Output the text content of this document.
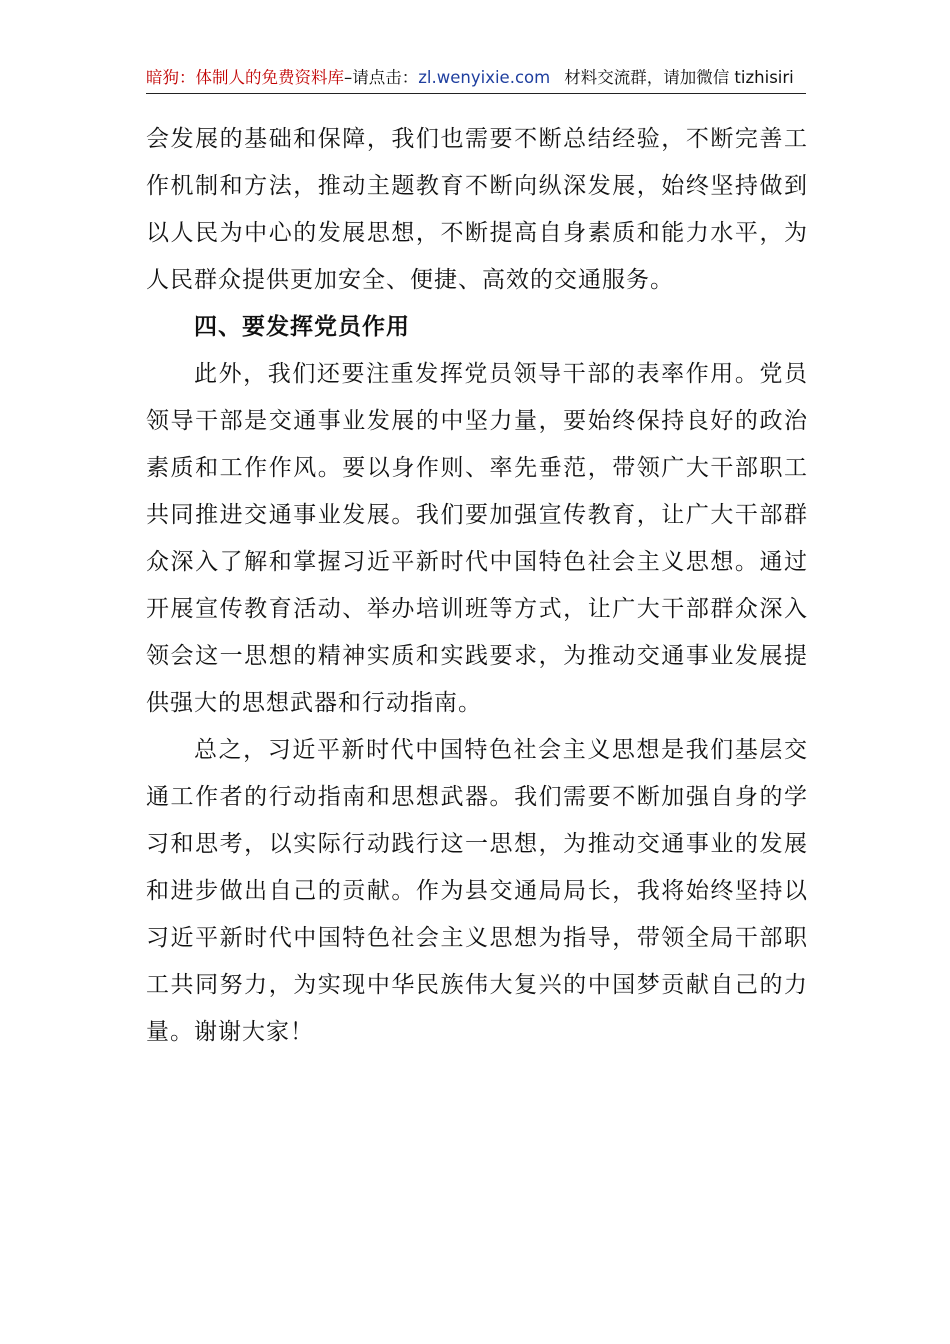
暗狗：体制人的免费资料库–请点击：zl.wenyixie.com 材料交流群，请加微信 tizhisiri

会发展的基础和保障，我们也需要不断总结经验，不断完善工作机制和方法，推动主题教育不断向纵深发展，始终坚持做到以人民为中心的发展思想，不断提高自身素质和能力水平，为人民群众提供更加安全、便捷、高效的交通服务。

四、要发挥党员作用

此外，我们还要注重发挥党员领导干部的表率作用。党员领导干部是交通事业发展的中坚力量，要始终保持良好的政治素质和工作作风。要以身作则、率先垂范，带领广大干部职工共同推进交通事业发展。我们要加强宣传教育，让广大干部群众深入了解和掌握习近平新时代中国特色社会主义思想。通过开展宣传教育活动、举办培训班等方式，让广大干部群众深入领会这一思想的精神实质和实践要求，为推动交通事业发展提供强大的思想武器和行动指南。

总之，习近平新时代中国特色社会主义思想是我们基层交通工作者的行动指南和思想武器。我们需要不断加强自身的学习和思考，以实际行动践行这一思想，为推动交通事业的发展和进步做出自己的贡献。作为县交通局局长，我将始终坚持以习近平新时代中国特色社会主义思想为指导，带领全局干部职工共同努力，为实现中华民族伟大复兴的中国梦贡献自己的力量。谢谢大家！
